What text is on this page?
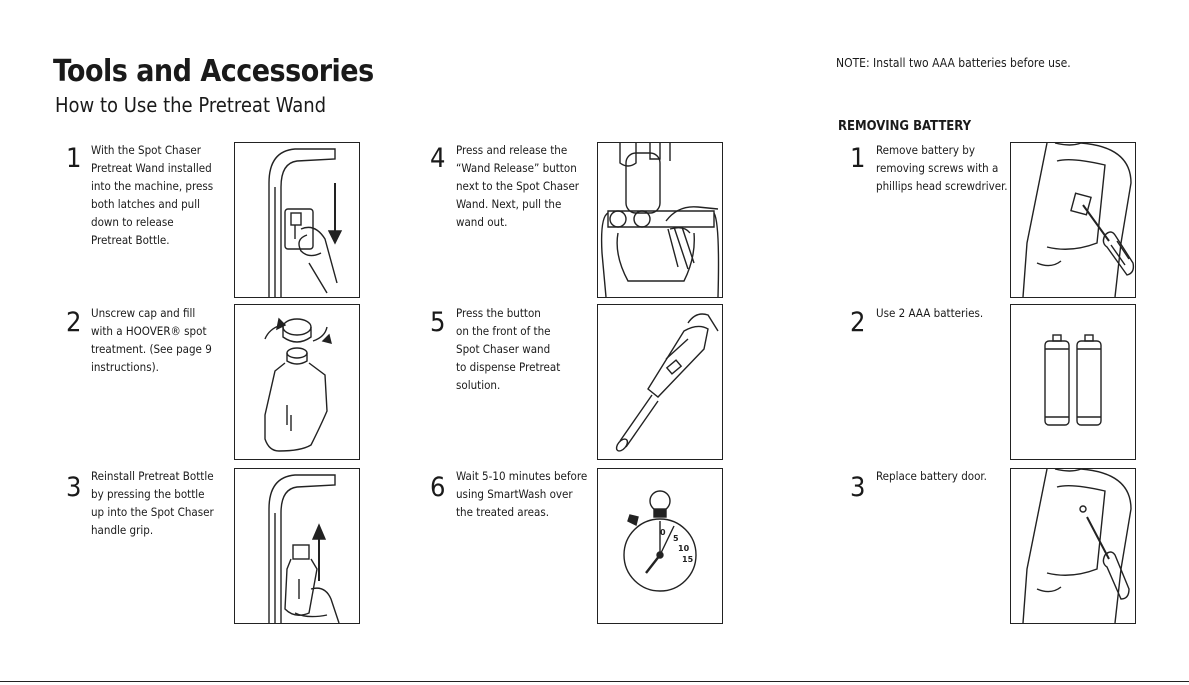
Tools and Accessories
How to Use the Pretreat Wand
NOTE: Install two AAA batteries before use.
REMOVING BATTERY
1 With the Spot Chaser
Pretreat Wand installed
into the machine, press
both latches and pull
down to release
Pretreat Bottle.
2 Unscrew cap and fill
with a HOOVER® spot
treatment. (See page 9
instructions).
3 Reinstall Pretreat Bottle
by pressing the bottle
up into the Spot Chaser
handle grip.
4 Press and release the
“Wand Release” button
next to the Spot Chaser
Wand. Next, pull the
wand out.
5 Press the button
on the front of the
Spot Chaser wand
to dispense Pretreat
solution.
6 Wait 5-10 minutes before
using SmartWash over
the treated areas.
0
5
10
15
1 Remove battery by
removing screws with a
phillips head screwdriver.
2 Use 2 AAA batteries.
3 Replace battery door.
